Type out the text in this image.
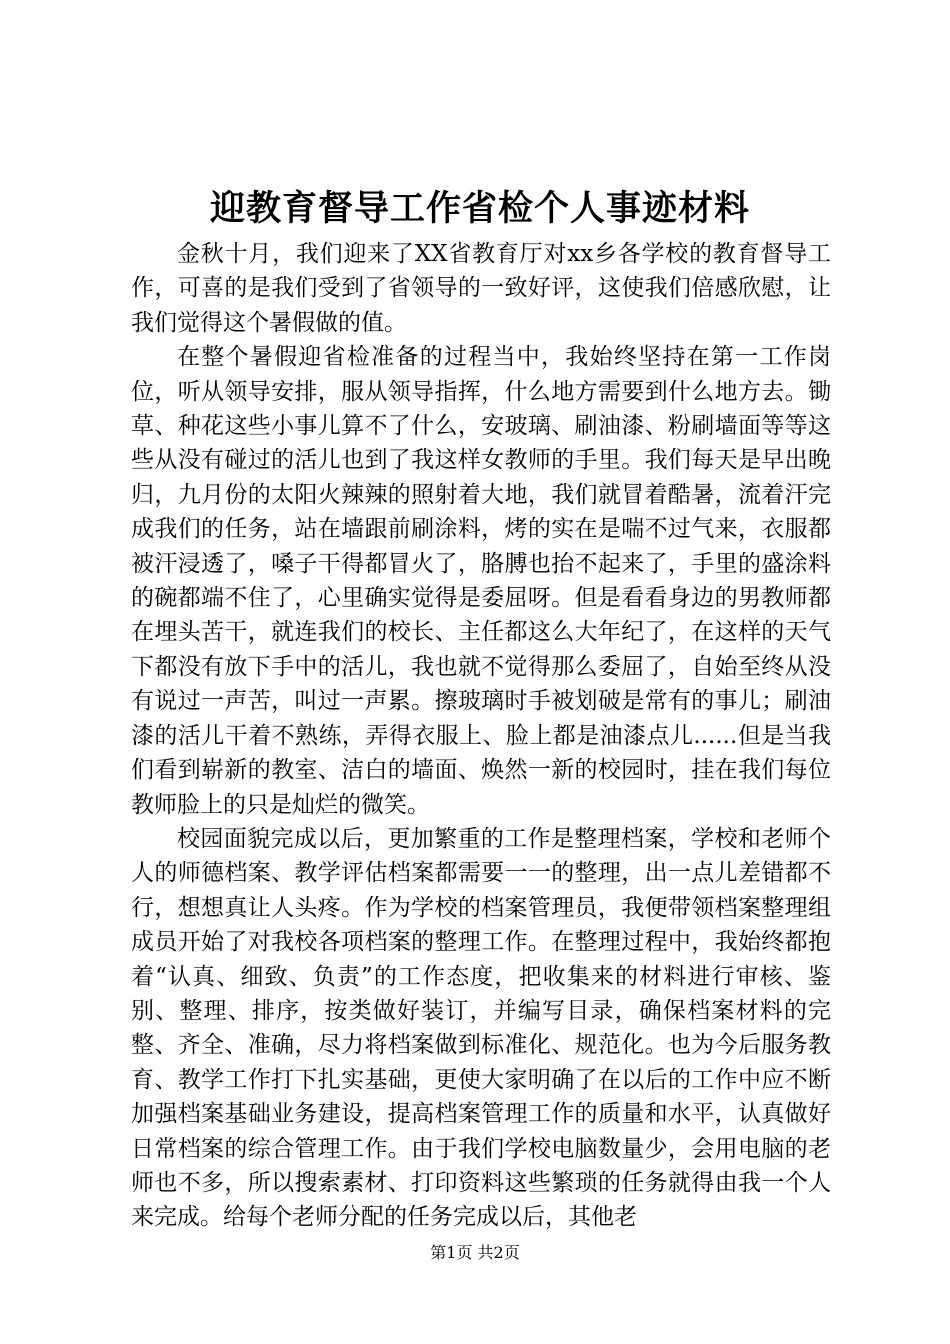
迎教育督导工作省检个人事迹材料

金秋十月，我们迎来了XX省教育厅对xx乡各学校的教育督导工作，可喜的是我们受到了省领导的一致好评，这使我们倍感欣慰，让我们觉得这个暑假做的值。

在整个暑假迎省检准备的过程当中，我始终坚持在第一工作岗位，听从领导安排，服从领导指挥，什么地方需要到什么地方去。锄草、种花这些小事儿算不了什么，安玻璃、刷油漆、粉刷墙面等等这些从没有碰过的活儿也到了我这样女教师的手里。我们每天是早出晚归，九月份的太阳火辣辣的照射着大地，我们就冒着酷暑，流着汗完成我们的任务，站在墙跟前刷涂料，烤的实在是喘不过气来，衣服都被汗浸透了，嗓子干得都冒火了，胳膊也抬不起来了，手里的盛涂料的碗都端不住了，心里确实觉得是委屈呀。但是看看身边的男教师都在埋头苦干，就连我们的校长、主任都这么大年纪了，在这样的天气下都没有放下手中的活儿，我也就不觉得那么委屈了，自始至终从没有说过一声苦，叫过一声累。擦玻璃时手被划破是常有的事儿；刷油漆的活儿干着不熟练，弄得衣服上、脸上都是油漆点儿......但是当我们看到崭新的教室、洁白的墙面、焕然一新的校园时，挂在我们每位教师脸上的只是灿烂的微笑。

校园面貌完成以后，更加繁重的工作是整理档案，学校和老师个人的师德档案、教学评估档案都需要一一的整理，出一点儿差错都不行，想想真让人头疼。作为学校的档案管理员，我便带领档案整理组成员开始了对我校各项档案的整理工作。在整理过程中，我始终都抱着“认真、细致、负责”的工作态度，把收集来的材料进行审核、鉴别、整理、排序，按类做好装订，并编写目录，确保档案材料的完整、齐全、准确，尽力将档案做到标准化、规范化。也为今后服务教育、教学工作打下扎实基础，更使大家明确了在以后的工作中应不断加强档案基础业务建设，提高档案管理工作的质量和水平，认真做好日常档案的综合管理工作。由于我们学校电脑数量少，会用电脑的老师也不多，所以搜索素材、打印资料这些繁琐的任务就得由我一个人来完成。给每个老师分配的任务完成以后，其他老

第1页 共2页
